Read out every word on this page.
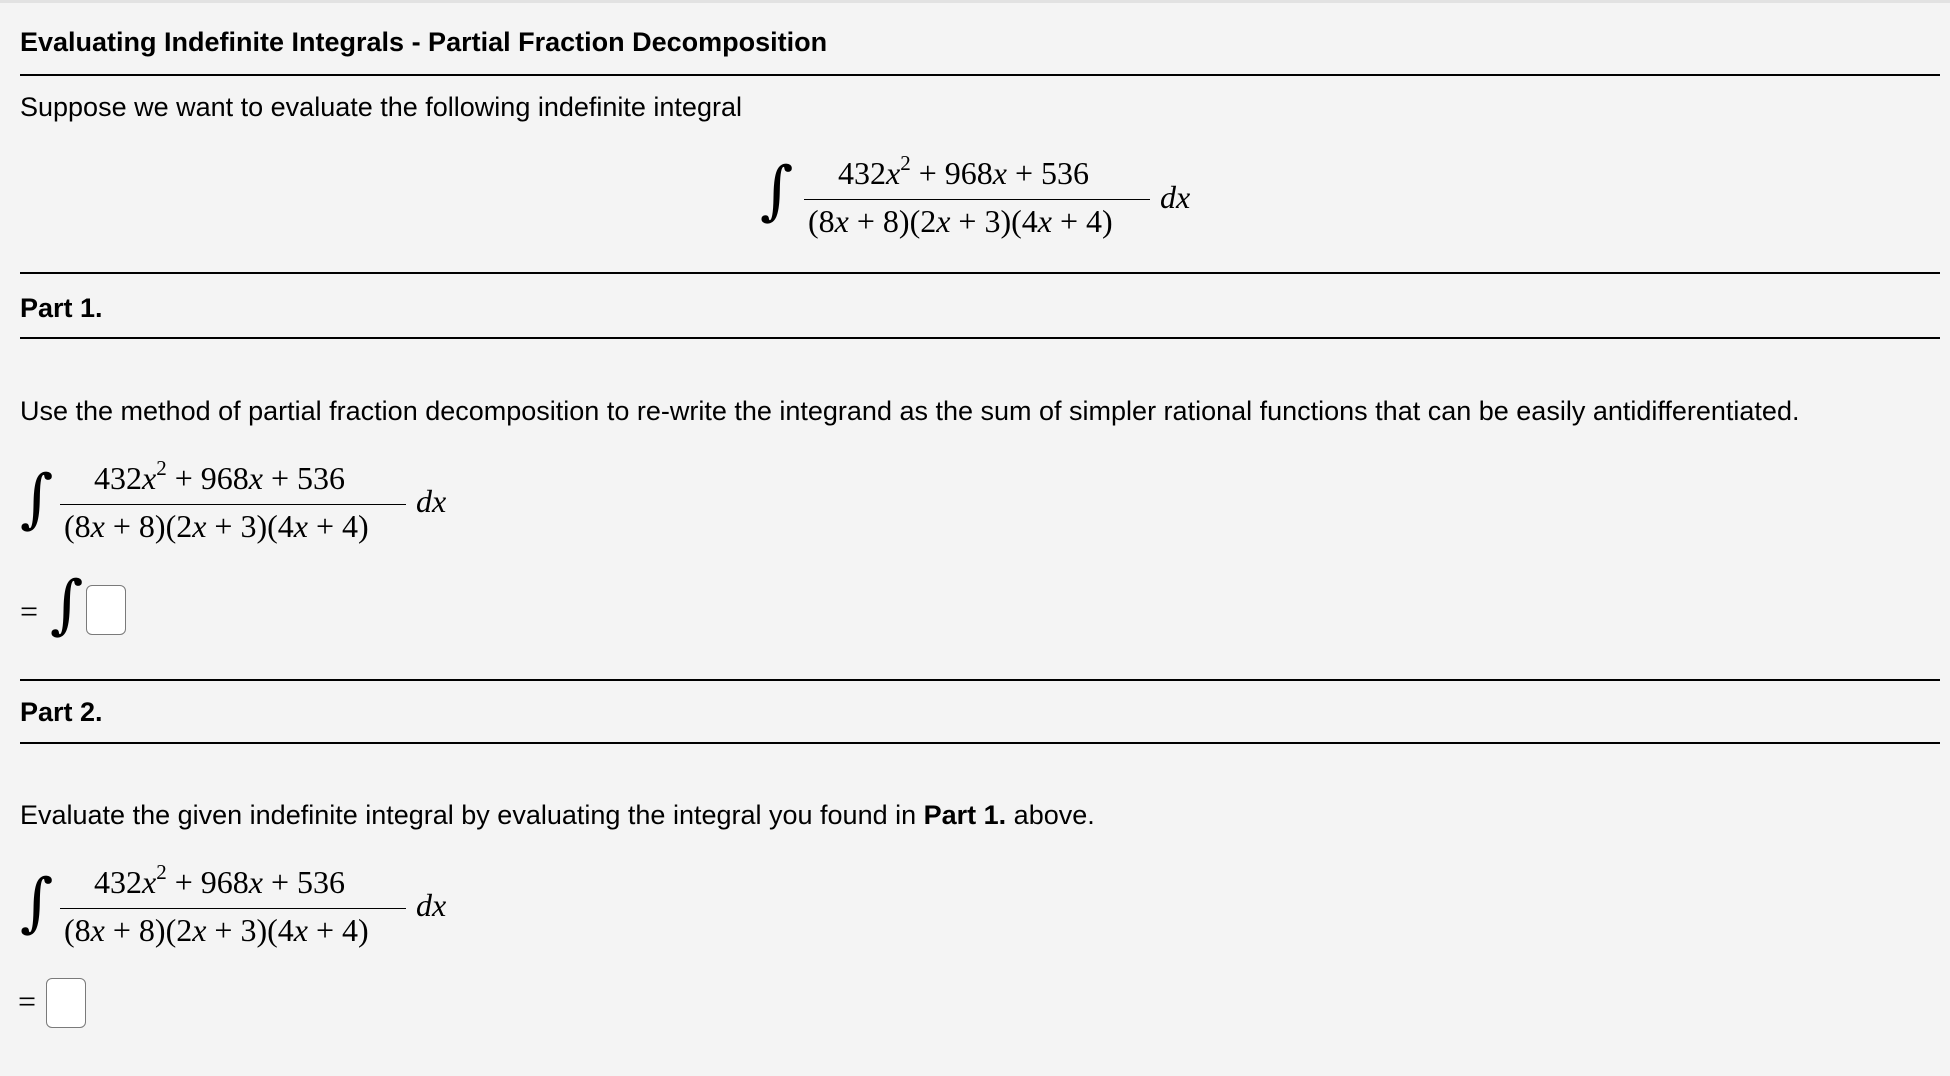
Evaluating Indefinite Integrals - Partial Fraction Decomposition
Suppose we want to evaluate the following indefinite integral
∫ $432x^2 + 968x + 536$
(8x + 8)(2x + 3)(4x + 4)
dx
Part 1.
Use the method of partial fraction decomposition to re-write the integrand as the sum of simpler rational functions that can be easily antidifferentiated.
∫ $432x^2 + 968x + 536$
(8x + 8)(2x + 3)(4x + 4)
dx
= ∫
Part 2.
Evaluate the given indefinite integral by evaluating the integral you found in Part 1. above.
∫ $432x^2 + 968x + 536$
(8x + 8)(2x + 3)(4x + 4)
dx
=
